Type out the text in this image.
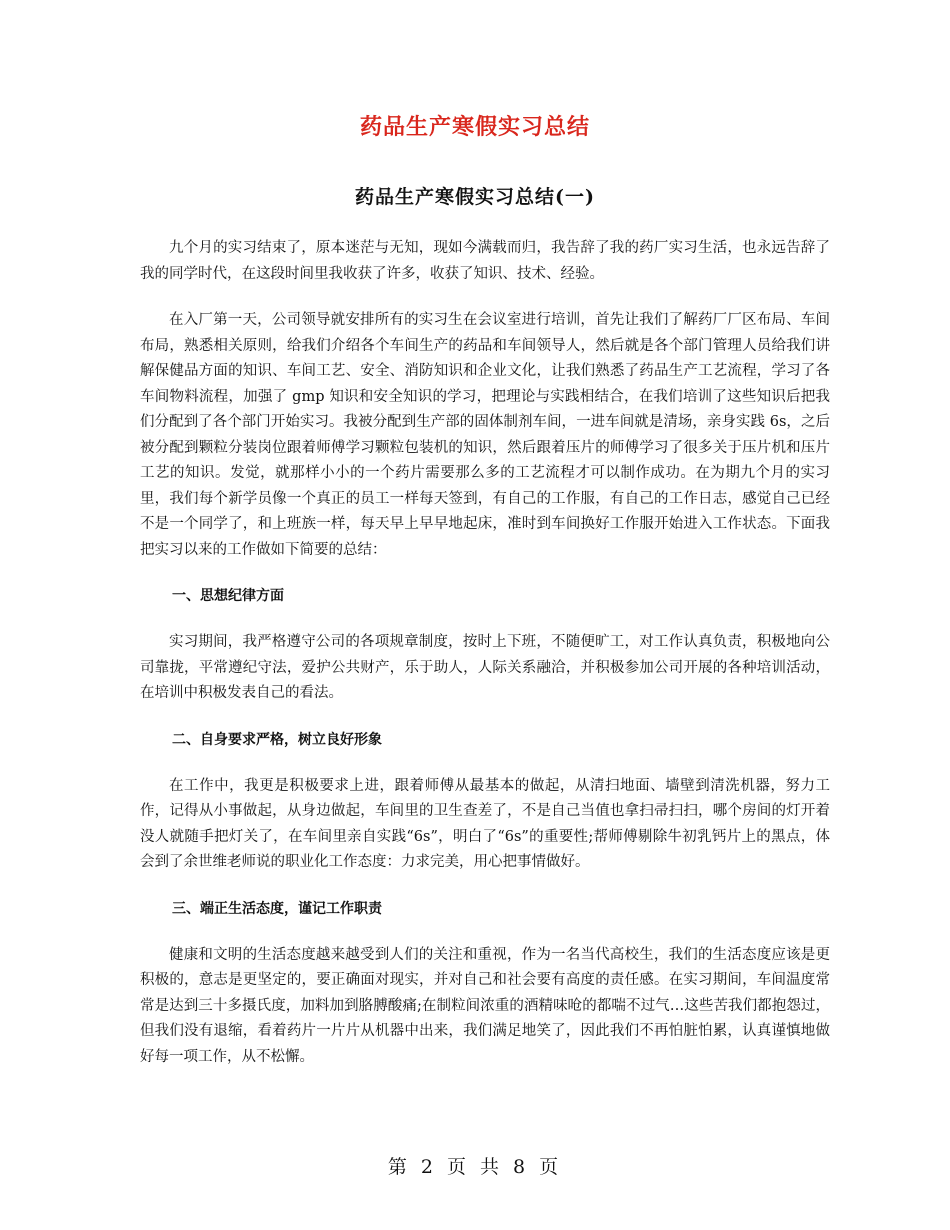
药品生产寒假实习总结
药品生产寒假实习总结(一)

九个月的实习结束了，原本迷茫与无知，现如今满载而归，我告辞了我的药厂实习生活，也永远告辞了我的同学时代，在这段时间里我收获了许多，收获了知识、技术、经验。

在入厂第一天，公司领导就安排所有的实习生在会议室进行培训，首先让我们了解药厂厂区布局、车间布局，熟悉相关原则，给我们介绍各个车间生产的药品和车间领导人，然后就是各个部门管理人员给我们讲解保健品方面的知识、车间工艺、安全、消防知识和企业文化，让我们熟悉了药品生产工艺流程，学习了各车间物料流程，加强了 gmp 知识和安全知识的学习，把理论与实践相结合，在我们培训了这些知识后把我们分配到了各个部门开始实习。我被分配到生产部的固体制剂车间，一进车间就是清场，亲身实践 6s，之后被分配到颗粒分装岗位跟着师傅学习颗粒包装机的知识，然后跟着压片的师傅学习了很多关于压片机和压片工艺的知识。发觉，就那样小小的一个药片需要那么多的工艺流程才可以制作成功。在为期九个月的实习里，我们每个新学员像一个真正的员工一样每天签到，有自己的工作服，有自己的工作日志，感觉自己已经不是一个同学了，和上班族一样，每天早上早早地起床，准时到车间换好工作服开始进入工作状态。下面我把实习以来的工作做如下简要的总结：

一、思想纪律方面

实习期间，我严格遵守公司的各项规章制度，按时上下班，不随便旷工，对工作认真负责，积极地向公司靠拢，平常遵纪守法，爱护公共财产，乐于助人，人际关系融洽，并积极参加公司开展的各种培训活动，在培训中积极发表自己的看法。

二、自身要求严格，树立良好形象

在工作中，我更是积极要求上进，跟着师傅从最基本的做起，从清扫地面、墙壁到清洗机器，努力工作，记得从小事做起，从身边做起，车间里的卫生查差了，不是自己当值也拿扫帚扫扫，哪个房间的灯开着没人就随手把灯关了，在车间里亲自实践“6s”，明白了“6s”的重要性;帮师傅剔除牛初乳钙片上的黑点，体会到了余世维老师说的职业化工作态度：力求完美，用心把事情做好。

三、端正生活态度，谨记工作职责

健康和文明的生活态度越来越受到人们的关注和重视，作为一名当代高校生，我们的生活态度应该是更积极的，意志是更坚定的，要正确面对现实，并对自己和社会要有高度的责任感。在实习期间，车间温度常常是达到三十多摄氏度，加料加到胳膊酸痛;在制粒间浓重的酒精味呛的都喘不过气…这些苦我们都抱怨过，但我们没有退缩，看着药片一片片从机器中出来，我们满足地笑了，因此我们不再怕脏怕累，认真谨慎地做好每一项工作，从不松懈。

第 2 页 共 8 页
